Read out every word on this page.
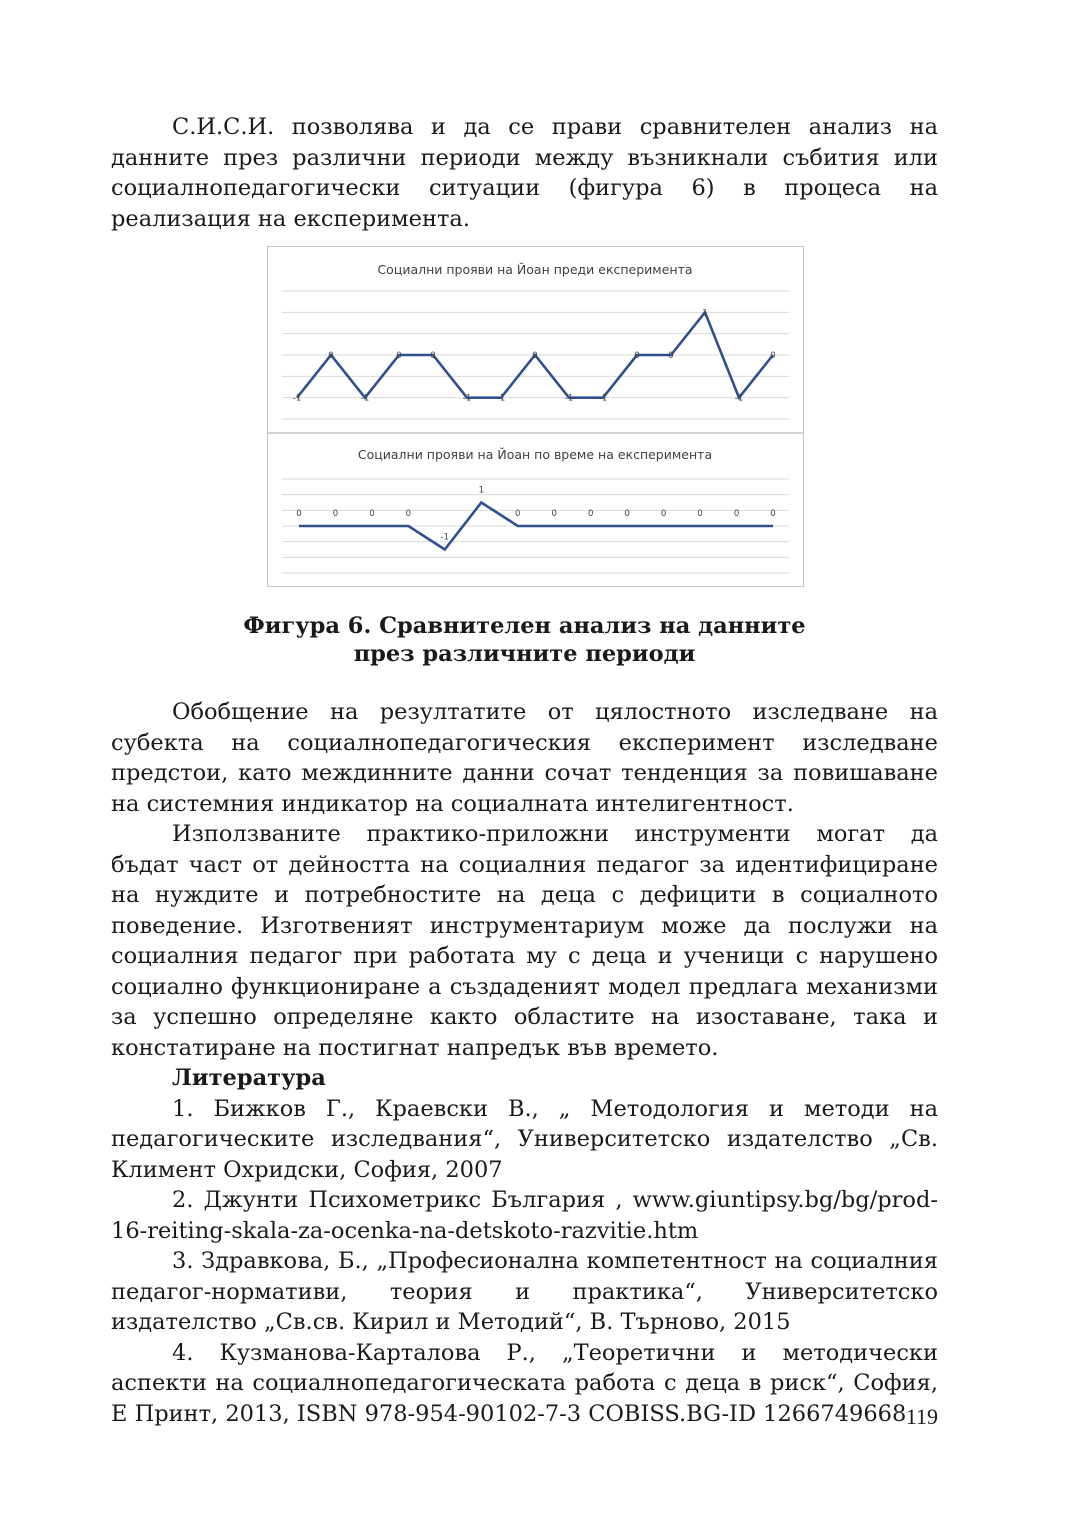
С.И.С.И. позволява и да се прави сравнителен анализ на данните през различни периоди между възникнали събития или социалнопедагогически ситуации (фигура 6) в процеса на реализация на експеримента.

Социални прояви на Йоан преди експеримента
-1
0
-1
0	0
-1	-1
0
-1	-1
0	0
1
-1
0
Социални прояви на Йоан по време на експеримента
0	0	0	0
-1
1
0	0	0	0	0	0	0	0
Фигура 6. Сравнителен анализ на данните
през различните периоди

Обобщение на резултатите от цялостното изследване на субекта на социалнопедагогическия експеримент изследване предстои, като междинните данни сочат тенденция за повишаване на системния индикатор на социалната интелигентност.

Използваните практико-приложни инструменти могат да бъдат част от дейността на социалния педагог за идентифициране на нуждите и потребностите на деца с дефицити в социалното поведение. Изготвеният инструментариум може да послужи на социалния педагог при работата му с деца и ученици с нарушено социално функциониране а създаденият модел предлага механизми за успешно определяне както областите на изоставане, така и констатиране на постигнат напредък във времето.

Литература

1. Бижков Г., Краевски В., „ Методология и методи на педагогическите изследвания“, Университетско издателство „Св. Климент Охридски, София, 2007

2. Джунти Психометрикс България , www.giuntipsy.bg/bg/prod-16-reiting-skala-za-ocenka-na-detskoto-razvitie.htm

3. Здравкова, Б., „Професионална компетентност на социалния педагог-нормативи, теория и практика“, Университетско издателство „Св.св. Кирил и Методий“, В. Търново, 2015

4. Кузманова-Карталова Р., „Теоретични и методически аспекти на социалнопедагогическата работа с деца в риск“, София, Е Принт, 2013, ISBN 978-954-90102-7-3 COBISS.BG-ID 1266749668 119
